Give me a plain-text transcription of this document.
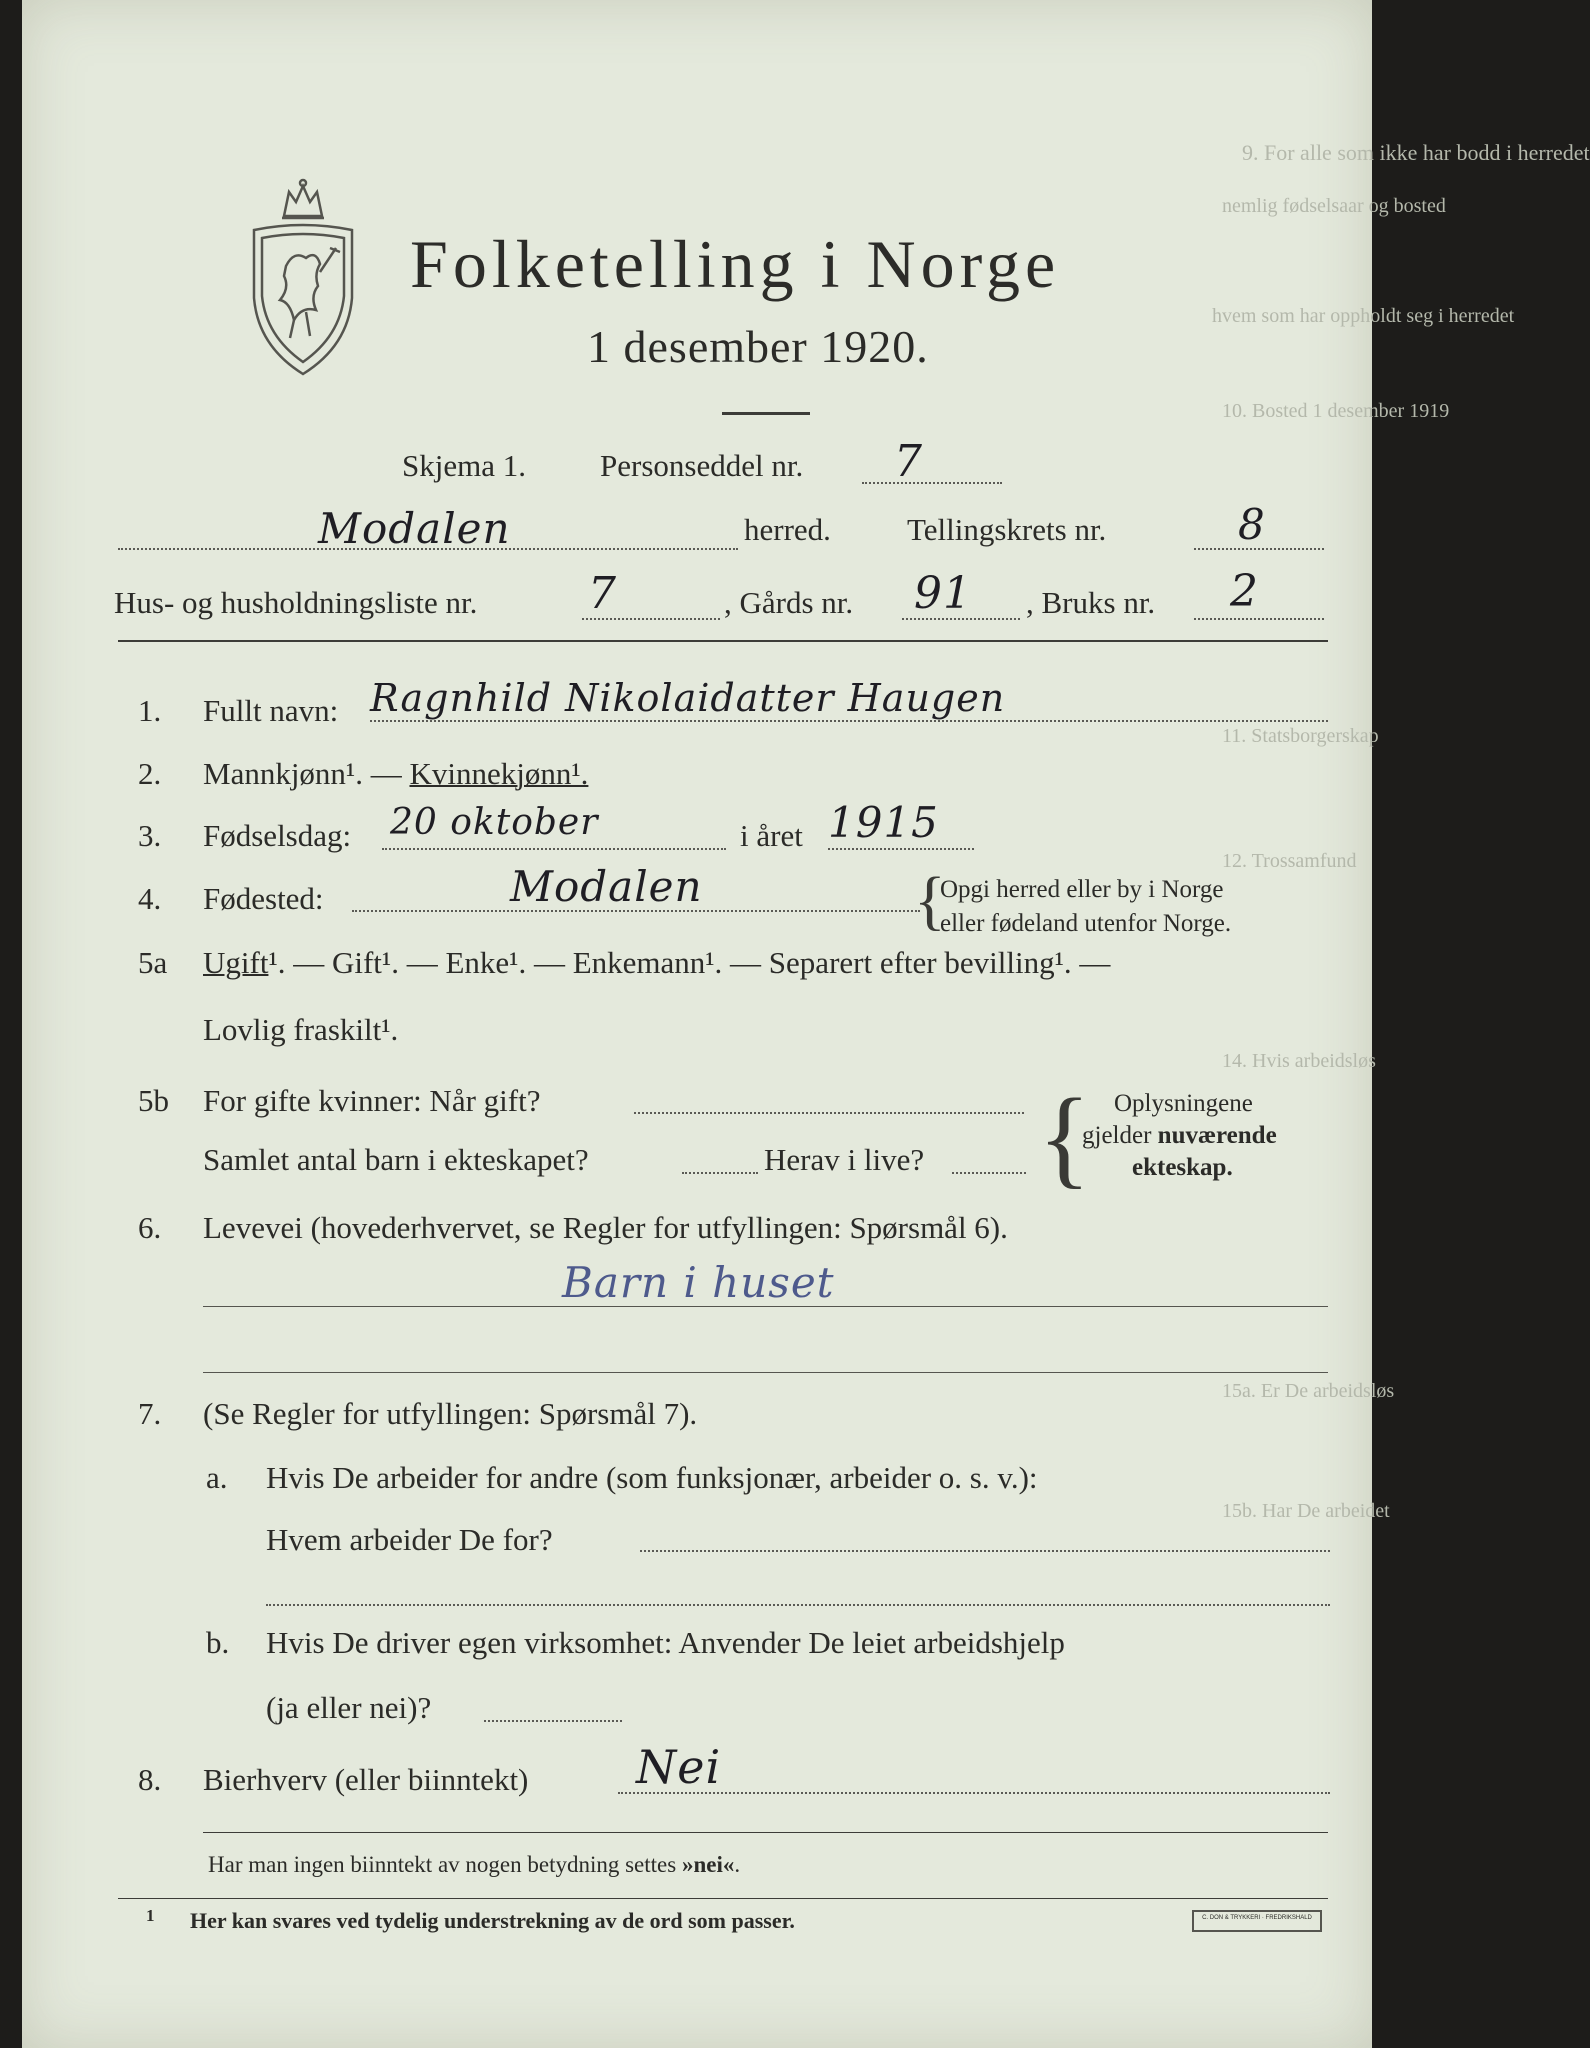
9. For alle som ikke har bodd i herredet
nemlig fødselsaar og bosted
hvem som har oppholdt seg i herredet
10. Bosted 1 desember 1919
11. Statsborgerskap
12. Trossamfund
14. Hvis arbeidsløs
15a. Er De arbeidsløs
15b. Har De arbeidet
Folketelling i Norge
1 desember 1920.
Skjema 1. Personseddel nr. 7
Modalen	herred. Tellingskrets nr.	8
Hus- og husholdningsliste nr.	7	, Gårds nr. 91 , Bruks nr. 2
1. Fullt navn: Ragnhild Nikolaidatter Haugen
2. Mannkjønn¹. — Kvinnekjønn¹.
3. Fødselsdag: 20 oktober	i året 1915
4. Fødested:	Modalen	{
Opgi herred eller by i Norge
eller fødeland utenfor Norge.
5a Ugift¹. — Gift¹. — Enke¹. — Enkemann¹. — Separert efter bevilling¹. —
Lovlig fraskilt¹.
5b For gifte kvinner: Når gift?
Samlet antal barn i ekteskapet?	Herav i live? { Oplysningene
gjelder nuværende
ekteskap.
6. Levevei (hovederhvervet, se Regler for utfyllingen: Spørsmål 6).
Barn i huset
7. (Se Regler for utfyllingen: Spørsmål 7).
a. Hvis De arbeider for andre (som funksjonær, arbeider o. s. v.):
Hvem arbeider De for?
b. Hvis De driver egen virksomhet: Anvender De leiet arbeidshjelp
(ja eller nei)?
8. Bierhverv (eller biinntekt) Nei
Har man ingen biinntekt av nogen betydning settes »nei«.
1 Her kan svares ved tydelig understrekning av de ord som passer.	C. DON & TRYKKERI · FREDRIKSHALD
